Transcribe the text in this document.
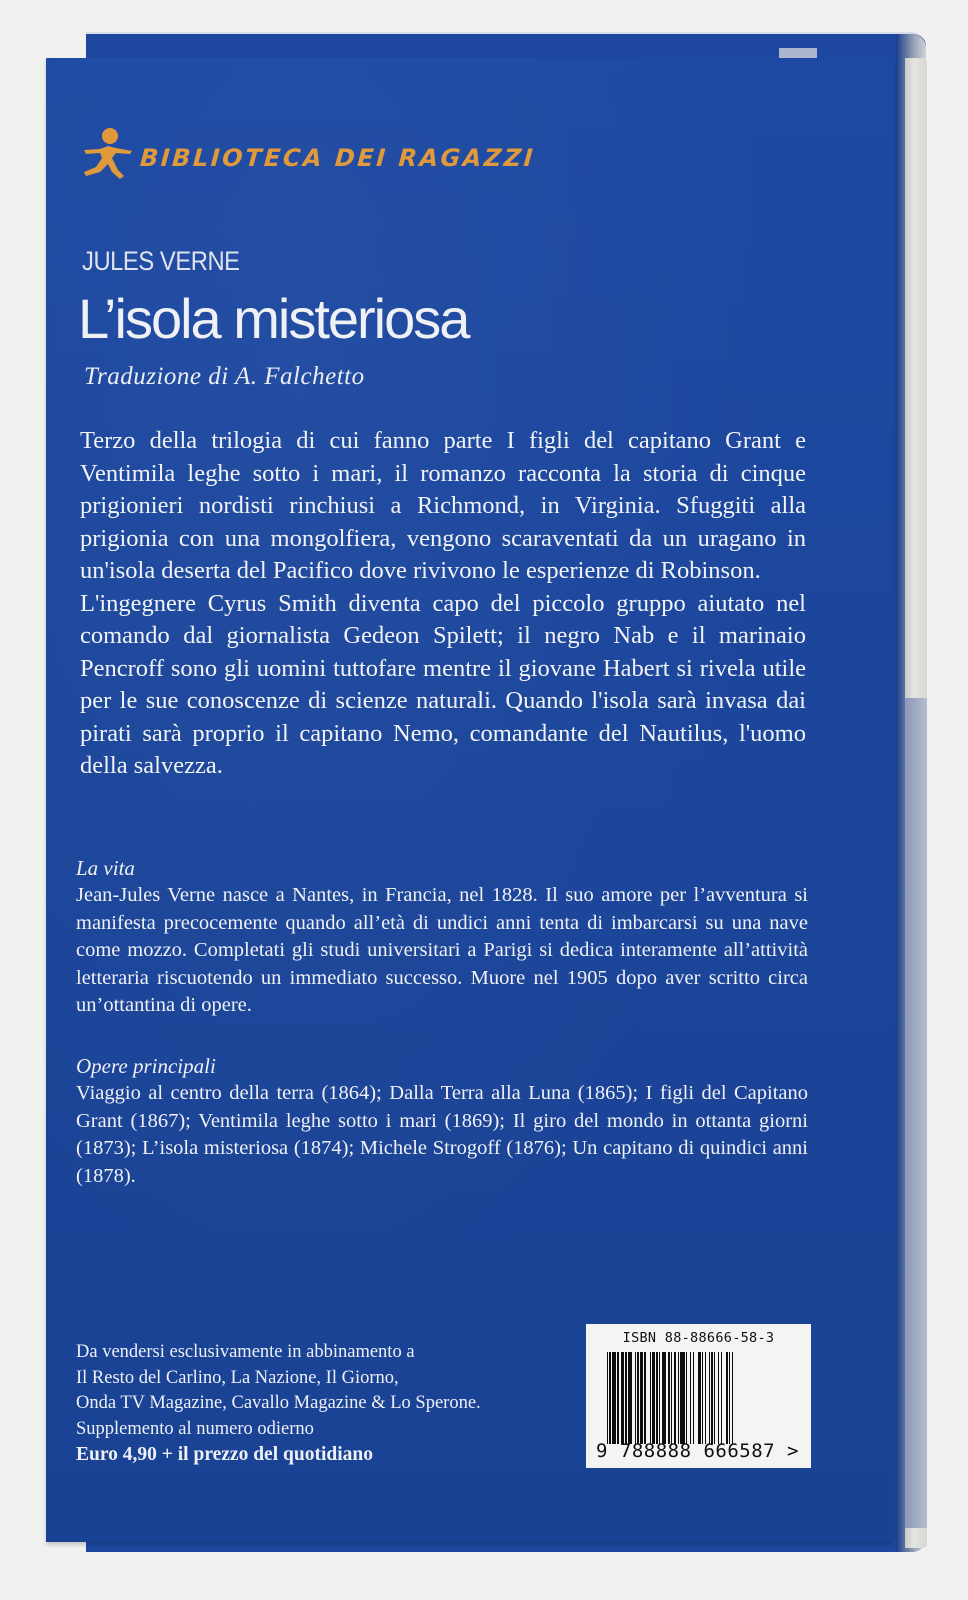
BIBLIOTECA DEI RAGAZZI
JULES VERNE
L’isola misteriosa
Traduzione di A. Falchetto

Terzo della trilogia di cui fanno parte I figli del capitano Grant e Ventimila leghe sotto i mari, il romanzo racconta la storia di cinque prigionieri nordisti rinchiusi a Richmond, in Virginia. Sfuggiti alla prigionia con una mongolfiera, vengono scaraventati da un uragano in un'isola deserta del Pacifico dove rivivono le esperienze di Robinson.

L'ingegnere Cyrus Smith diventa capo del piccolo gruppo aiutato nel comando dal giornalista Gedeon Spilett; il negro Nab e il marinaio Pencroff sono gli uomini tuttofare mentre il giovane Habert si rivela utile per le sue conoscenze di scienze naturali. Quando l'isola sarà invasa dai pirati sarà proprio il capitano Nemo, comandante del Nautilus, l'uomo della salvezza.

La vita

Jean-Jules Verne nasce a Nantes, in Francia, nel 1828. Il suo amore per l’avventura si manifesta precocemente quando all’età di undici anni tenta di imbarcarsi su una nave come mozzo. Completati gli studi universitari a Parigi si dedica interamente all’attività letteraria riscuotendo un immediato successo. Muore nel 1905 dopo aver scritto circa un’ottantina di opere.

Opere principali

Viaggio al centro della terra (1864); Dalla Terra alla Luna (1865); I figli del Capitano Grant (1867); Ventimila leghe sotto i mari (1869); Il giro del mondo in ottanta giorni (1873); L’isola misteriosa (1874); Michele Strogoff (1876); Un capitano di quindici anni (1878).

Da vendersi esclusivamente in abbinamento a
Il Resto del Carlino, La Nazione, Il Giorno,
Onda TV Magazine, Cavallo Magazine & Lo Sperone.
Supplemento al numero odierno
Euro 4,90 + il prezzo del quotidiano
ISBN 88-88666-58-3
9 788888 666587 >
